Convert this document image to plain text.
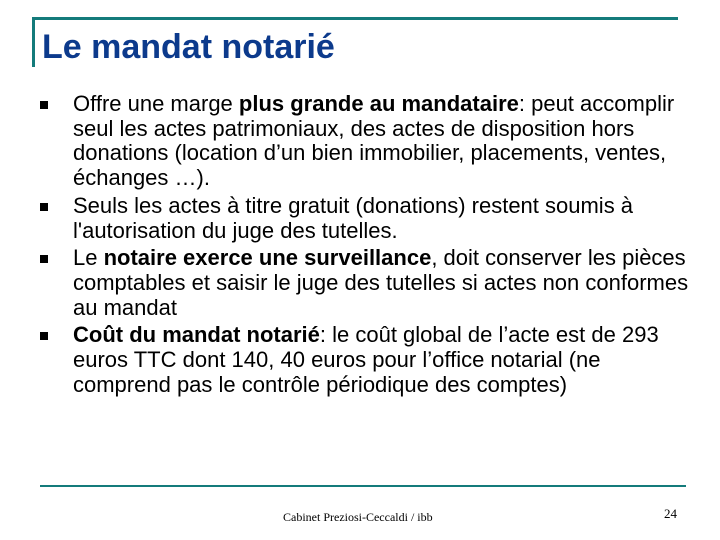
Le mandat notarié
Offre une marge plus grande au mandataire: peut accomplir seul les actes patrimoniaux, des actes de disposition hors donations (location d’un bien immobilier, placements, ventes, échanges …).
Seuls les actes à titre gratuit (donations) restent soumis à l'autorisation du juge des tutelles.
Le notaire exerce une surveillance, doit conserver les pièces comptables et saisir le juge des tutelles si actes non conformes au mandat
Coût du mandat notarié: le coût global de l’acte est de 293 euros TTC dont 140, 40 euros pour l’office notarial (ne comprend pas le contrôle périodique des comptes)

Cabinet Preziosi-Ceccaldi / ibb	24
